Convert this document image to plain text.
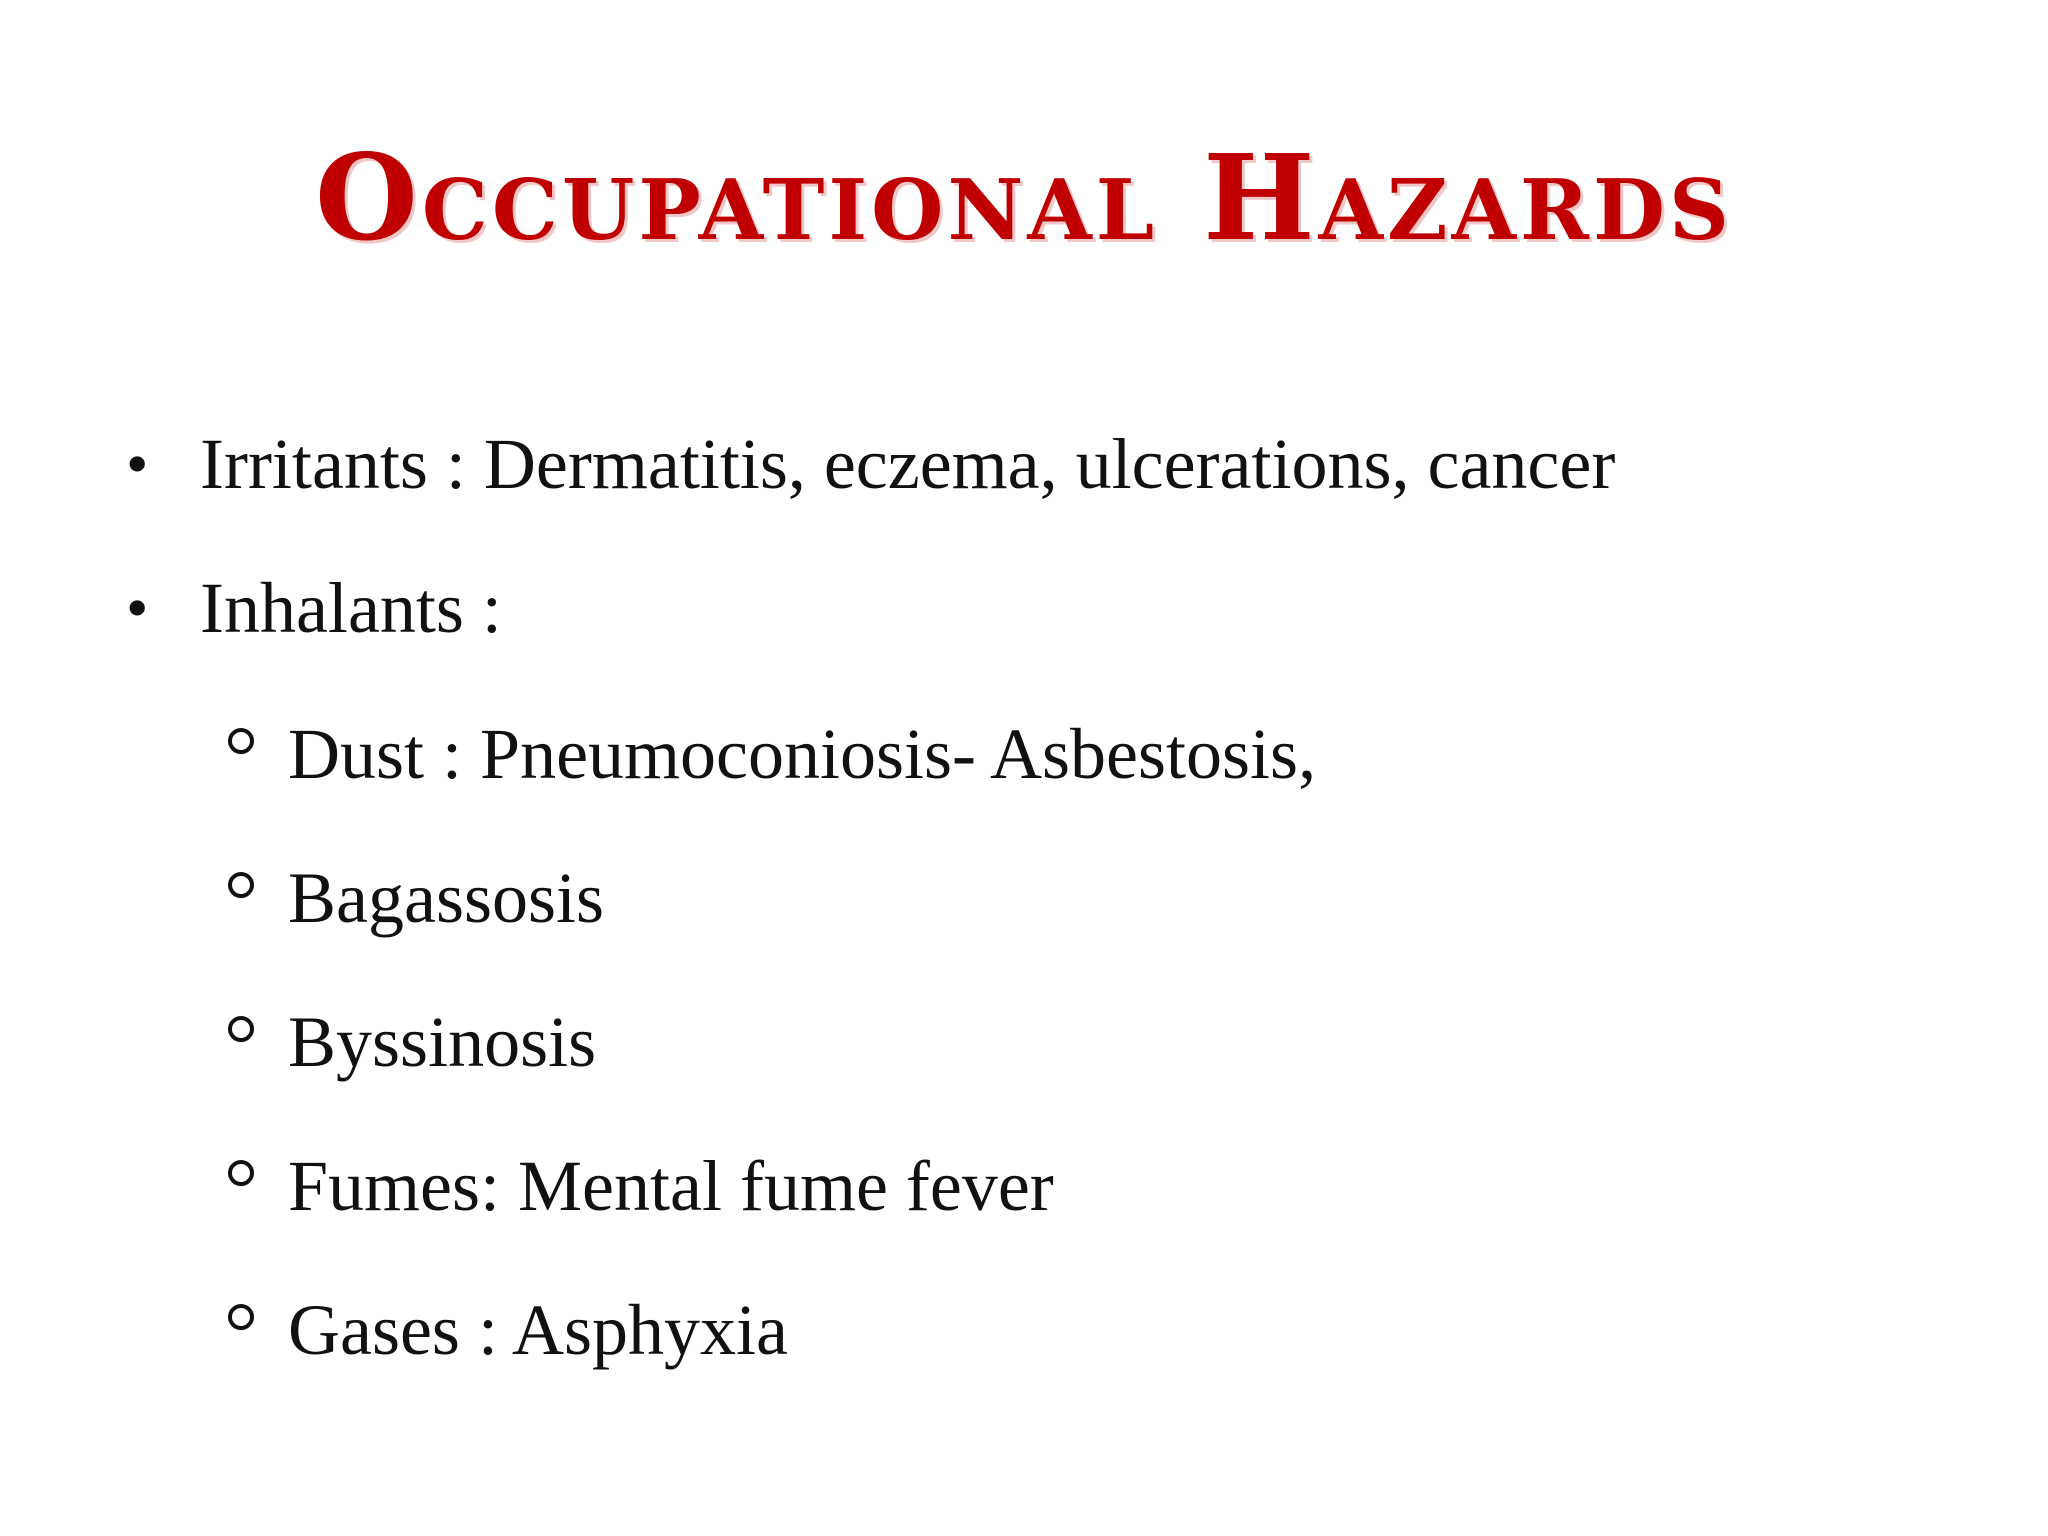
Occupational Hazards
• Irritants : Dermatitis, eczema, ulcerations, cancer
• Inhalants :
Dust : Pneumoconiosis- Asbestosis,
Bagassosis
Byssinosis
Fumes: Mental fume fever
Gases : Asphyxia
